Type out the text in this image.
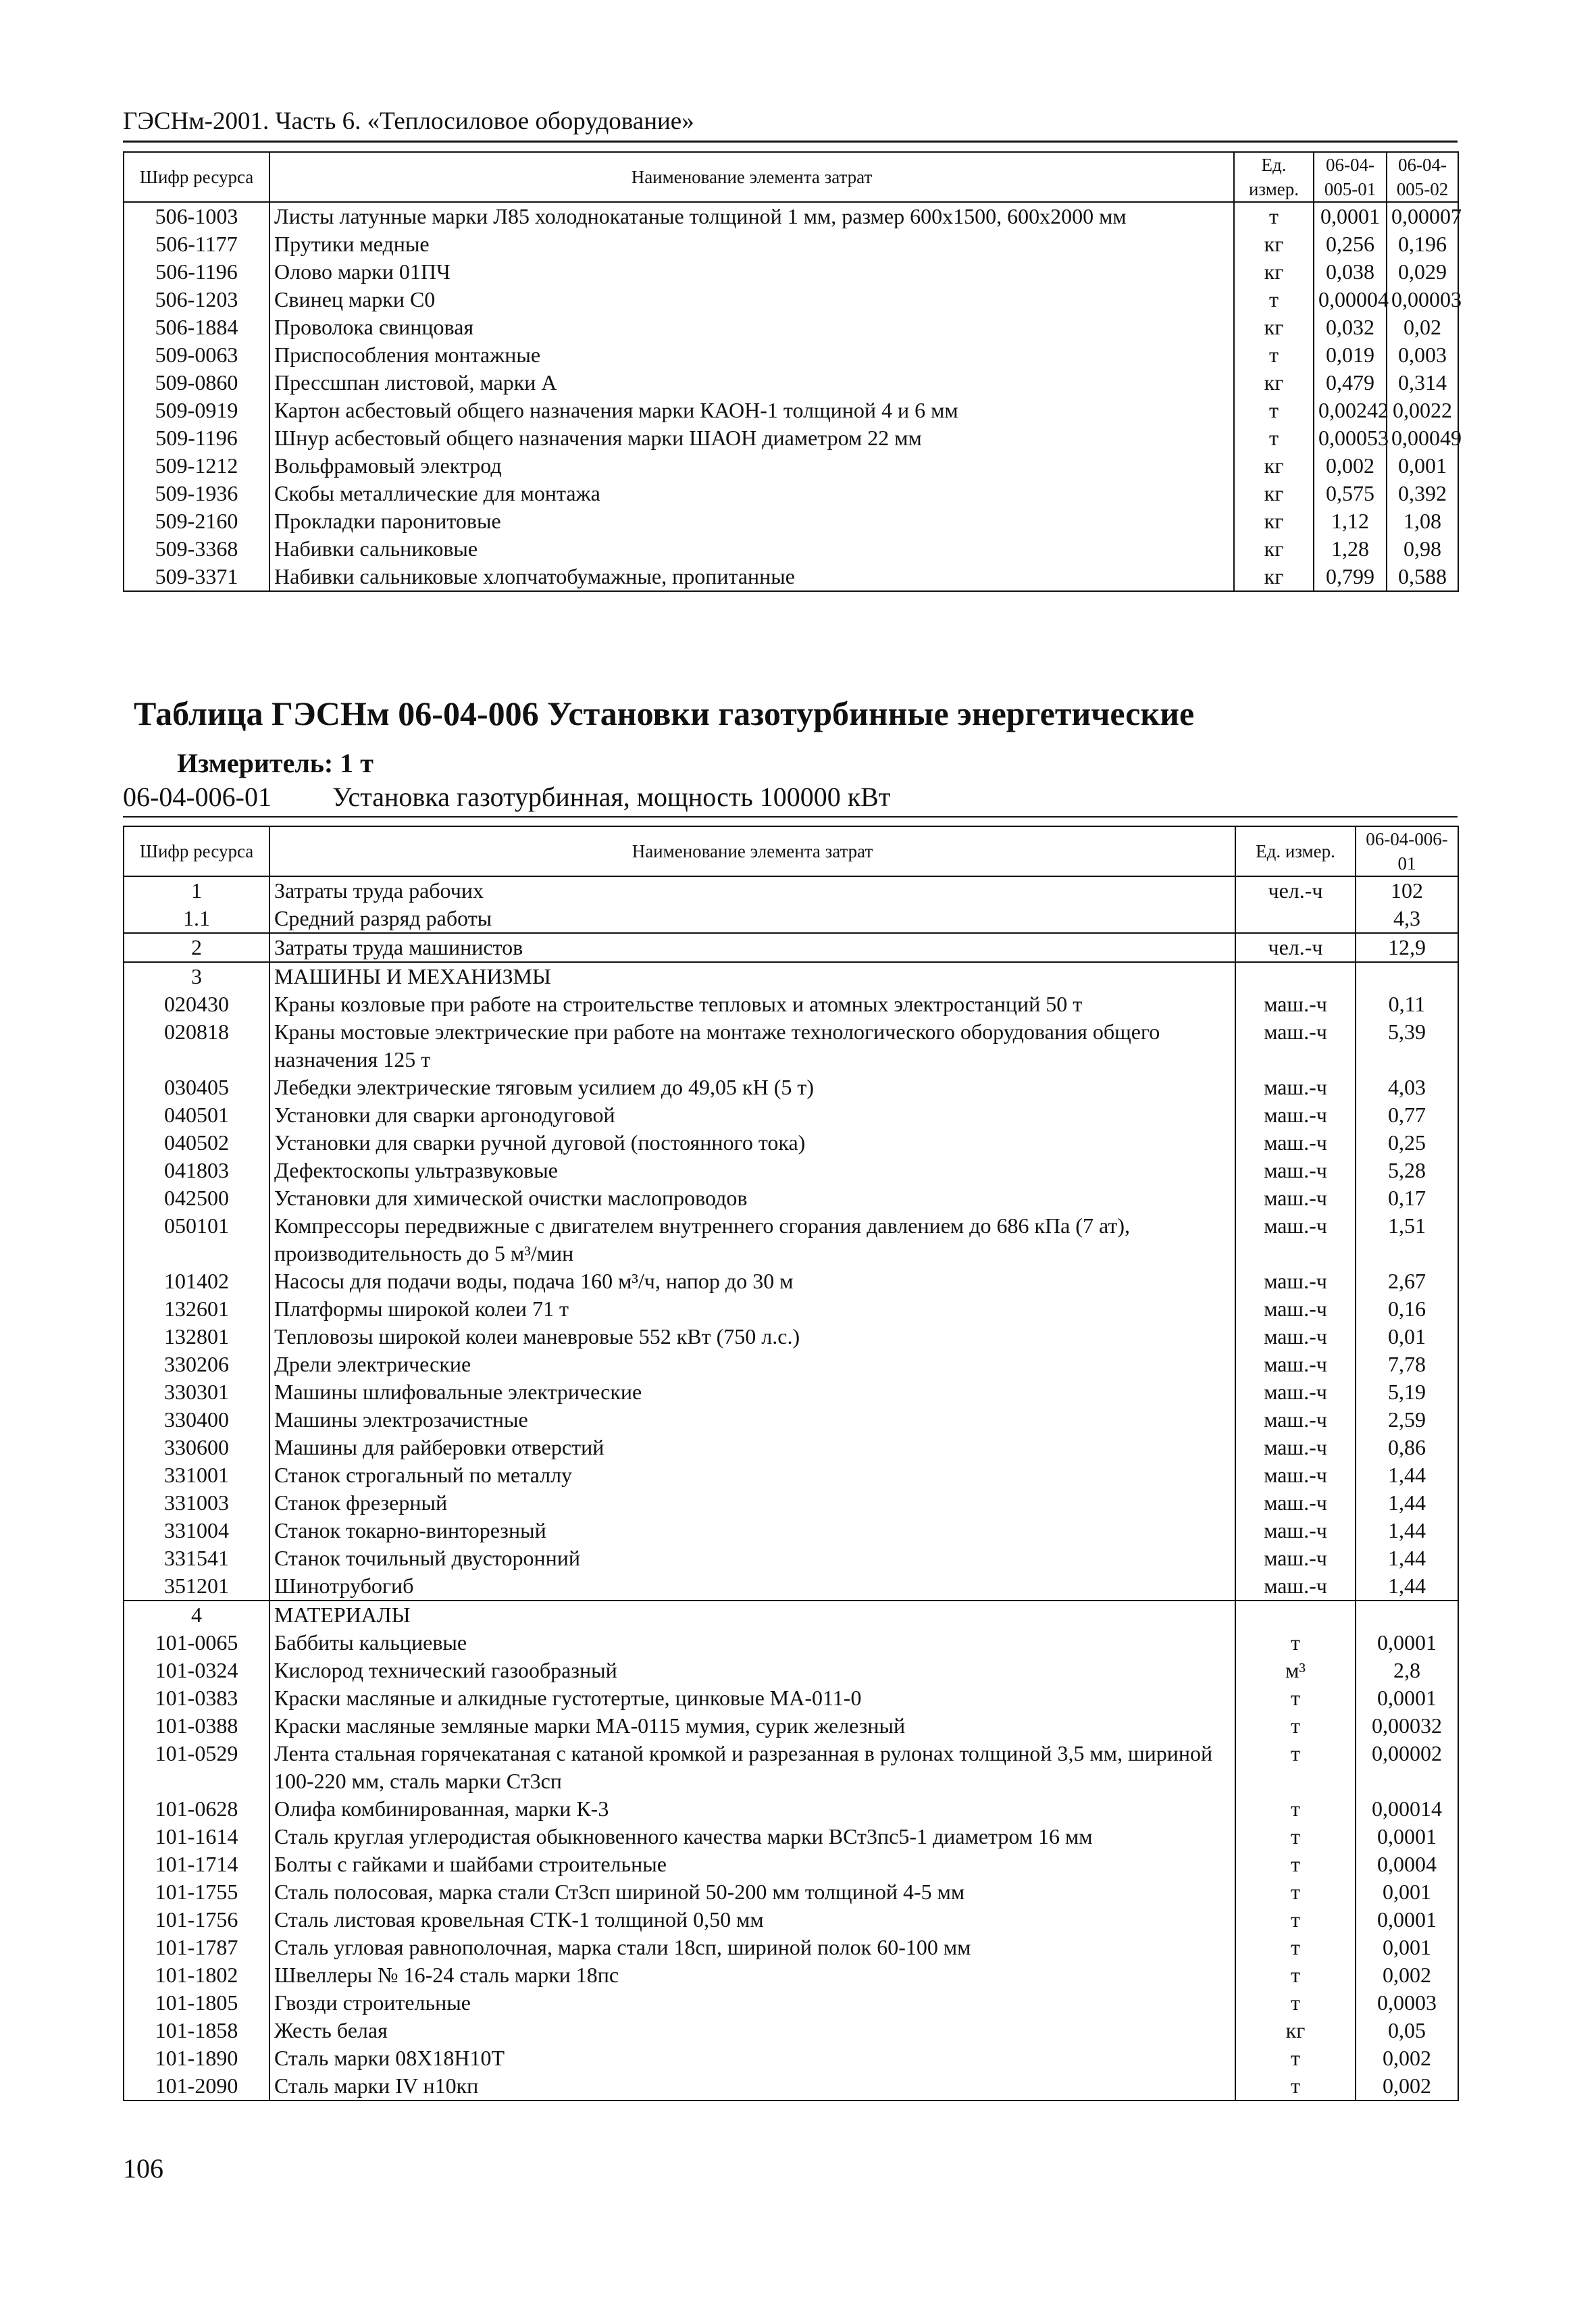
ГЭСНм-2001. Часть 6. «Теплосиловое оборудование»
Шифр ресурса	Наименование элемента затрат	Ед. измер.	06-04-005-01	06-04-005-02
506-1003	Листы латунные марки Л85 холоднокатаные толщиной 1 мм, размер 600х1500, 600х2000 мм	т	0,0001	0,00007
506-1177	Прутики медные	кг	0,256	0,196
506-1196	Олово марки 01ПЧ	кг	0,038	0,029
506-1203	Свинец марки С0	т	0,00004	0,00003
506-1884	Проволока свинцовая	кг	0,032	0,02
509-0063	Приспособления монтажные	т	0,019	0,003
509-0860	Прессшпан листовой, марки А	кг	0,479	0,314
509-0919	Картон асбестовый общего назначения марки КАОН-1 толщиной 4 и 6 мм	т	0,00242	0,0022
509-1196	Шнур асбестовый общего назначения марки ШАОН диаметром 22 мм	т	0,00053	0,00049
509-1212	Вольфрамовый электрод	кг	0,002	0,001
509-1936	Скобы металлические для монтажа	кг	0,575	0,392
509-2160	Прокладки паронитовые	кг	1,12	1,08
509-3368	Набивки сальниковые	кг	1,28	0,98
509-3371	Набивки сальниковые хлопчатобумажные, пропитанные	кг	0,799	0,588
Таблица ГЭСНм 06-04-006 Установки газотурбинные энергетические
Измеритель: 1 т
06-04-006-01 Установка газотурбинная, мощность 100000 кВт
Шифр ресурса	Наименование элемента затрат	Ед. измер.	06-04-006-01
1	Затраты труда рабочих	чел.-ч	102
1.1	Средний разряд работы		4,3
2	Затраты труда машинистов	чел.-ч	12,9
3	МАШИНЫ И МЕХАНИЗМЫ		
020430	Краны козловые при работе на строительстве тепловых и атомных электростанций 50 т	маш.-ч	0,11
020818	Краны мостовые электрические при работе на монтаже технологического оборудования общего назначения 125 т	маш.-ч	5,39
030405	Лебедки электрические тяговым усилием до 49,05 кН (5 т)	маш.-ч	4,03
040501	Установки для сварки аргонодуговой	маш.-ч	0,77
040502	Установки для сварки ручной дуговой (постоянного тока)	маш.-ч	0,25
041803	Дефектоскопы ультразвуковые	маш.-ч	5,28
042500	Установки для химической очистки маслопроводов	маш.-ч	0,17
050101	Компрессоры передвижные с двигателем внутреннего сгорания давлением до 686 кПа (7 ат), производительность до 5 м³/мин	маш.-ч	1,51
101402	Насосы для подачи воды, подача 160 м³/ч, напор до 30 м	маш.-ч	2,67
132601	Платформы широкой колеи 71 т	маш.-ч	0,16
132801	Тепловозы широкой колеи маневровые 552 кВт (750 л.с.)	маш.-ч	0,01
330206	Дрели электрические	маш.-ч	7,78
330301	Машины шлифовальные электрические	маш.-ч	5,19
330400	Машины электрозачистные	маш.-ч	2,59
330600	Машины для райберовки отверстий	маш.-ч	0,86
331001	Станок строгальный по металлу	маш.-ч	1,44
331003	Станок фрезерный	маш.-ч	1,44
331004	Станок токарно-винторезный	маш.-ч	1,44
331541	Станок точильный двусторонний	маш.-ч	1,44
351201	Шинотрубогиб	маш.-ч	1,44
4	МАТЕРИАЛЫ		
101-0065	Баббиты кальциевые	т	0,0001
101-0324	Кислород технический газообразный	м³	2,8
101-0383	Краски масляные и алкидные густотертые, цинковые МА-011-0	т	0,0001
101-0388	Краски масляные земляные марки МА-0115 мумия, сурик железный	т	0,00032
101-0529	Лента стальная горячекатаная с катаной кромкой и разрезанная в рулонах толщиной 3,5 мм, шириной 100-220 мм, сталь марки Ст3сп	т	0,00002
101-0628	Олифа комбинированная, марки К-3	т	0,00014
101-1614	Сталь круглая углеродистая обыкновенного качества марки ВСт3пс5-1 диаметром 16 мм	т	0,0001
101-1714	Болты с гайками и шайбами строительные	т	0,0004
101-1755	Сталь полосовая, марка стали Ст3сп шириной 50-200 мм толщиной 4-5 мм	т	0,001
101-1756	Сталь листовая кровельная СТК-1 толщиной 0,50 мм	т	0,0001
101-1787	Сталь угловая равнополочная, марка стали 18сп, шириной полок 60-100 мм	т	0,001
101-1802	Швеллеры № 16-24 сталь марки 18пс	т	0,002
101-1805	Гвозди строительные	т	0,0003
101-1858	Жесть белая	кг	0,05
101-1890	Сталь марки 08Х18Н10Т	т	0,002
101-2090	Сталь марки IV н10кп	т	0,002
106
